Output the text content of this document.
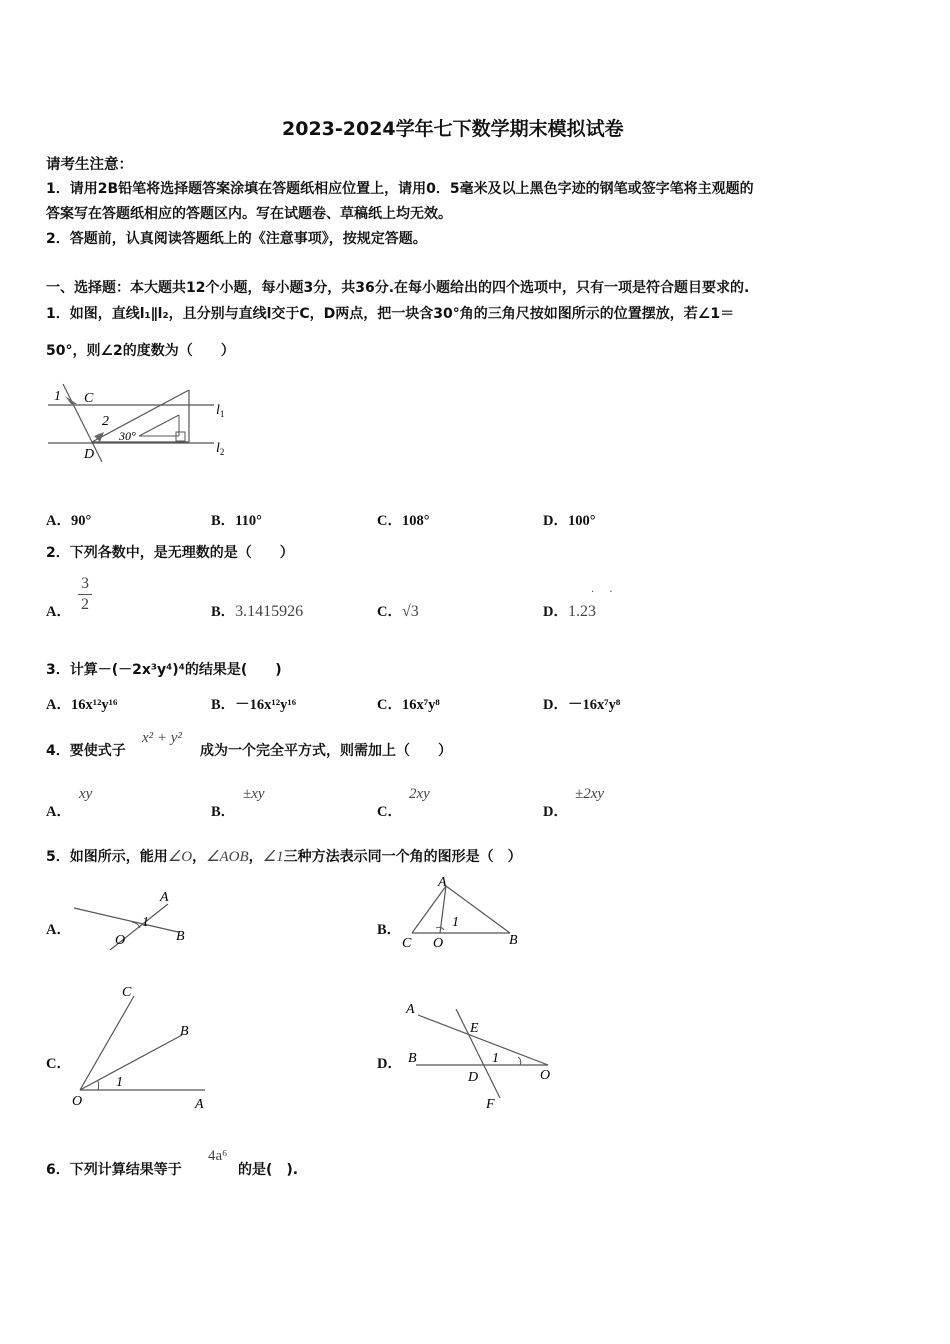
2023-2024学年七下数学期末模拟试卷
请考生注意：
1．请用2B铅笔将选择题答案涂填在答题纸相应位置上，请用0．5毫米及以上黑色字迹的钢笔或签字笔将主观题的
答案写在答题纸相应的答题区内。写在试题卷、草稿纸上均无效。
2．答题前，认真阅读答题纸上的《注意事项》，按规定答题。
一、选择题：本大题共12个小题，每小题3分，共36分.在每小题给出的四个选项中，只有一项是符合题目要求的.
1．如图，直线l₁∥l₂，且分别与直线l交于C，D两点，把一块含30°角的三角尺按如图所示的位置摆放，若∠1＝
50°，则∠2的度数为（　　）
1 C
2
30°
D
$l_1$
$l_2$
A．90°	B．110°	C．108°	D．100°
2．下列各数中，是无理数的是（　　）
A．
3
2	B．3.1415926	C．√3	D．1.23
· ·
3．计算－(－2x³y⁴)⁴的结果是(　　)
A．16x¹²y¹⁶	B．－16x¹²y¹⁶	C．16x⁷y⁸	D．－16x⁷y⁸
4．要使式子
x² + y²
成为一个完全平方式，则需加上（　　）
A．
xy
B．
±xy
C．
2xy
D．
±2xy
5．如图所示，能用∠O，∠AOB，∠1三种方法表示同一个角的图形是（　）
A．
A
O	B
1	B．
A
C O	B
1
C．
C
B
O	A
1
D．
A
E
B	1
D	O
F
6．下列计算结果等于
4a⁶
的是(　).
